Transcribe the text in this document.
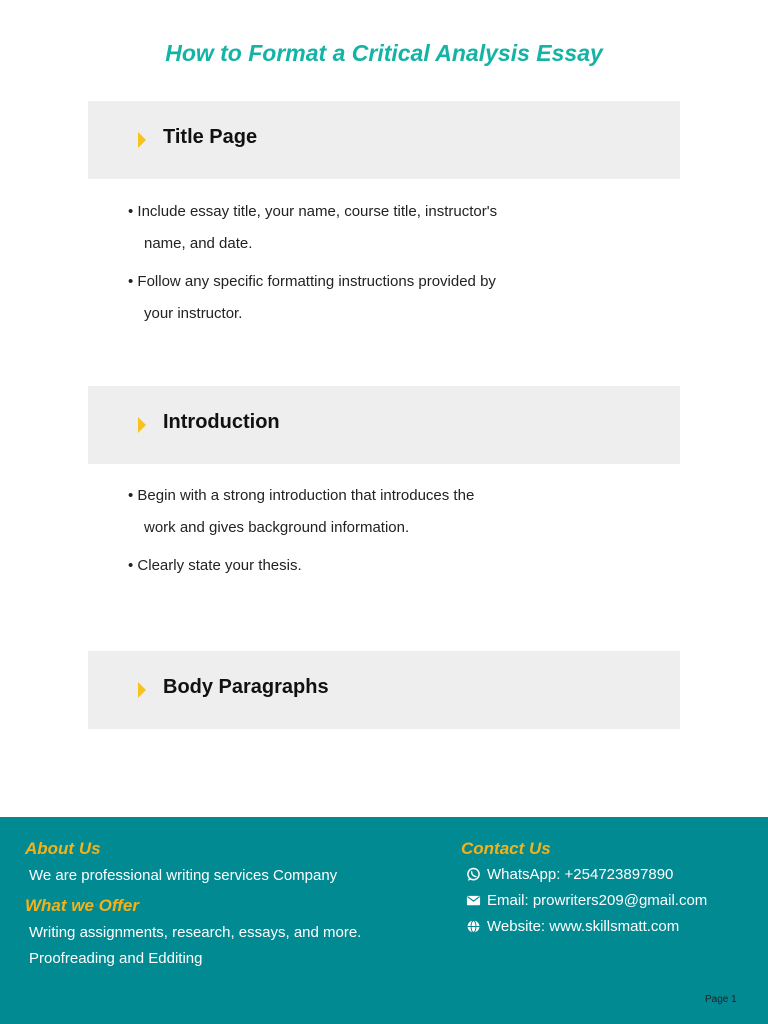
How to Format a Critical Analysis Essay
Title Page
• Include essay title, your name, course title, instructor's
name, and date.
• Follow any specific formatting instructions provided by
your instructor.
Introduction
• Begin with a strong introduction that introduces the
work and gives background information.
• Clearly state your thesis.
Body Paragraphs
About Us
We are professional writing services Company
What we Offer
Writing assignments, research, essays, and more.
Proofreading and Edditing
Contact Us
WhatsApp: +254723897890
Email: prowriters209@gmail.com
Website: www.skillsmatt.com
Page 1
